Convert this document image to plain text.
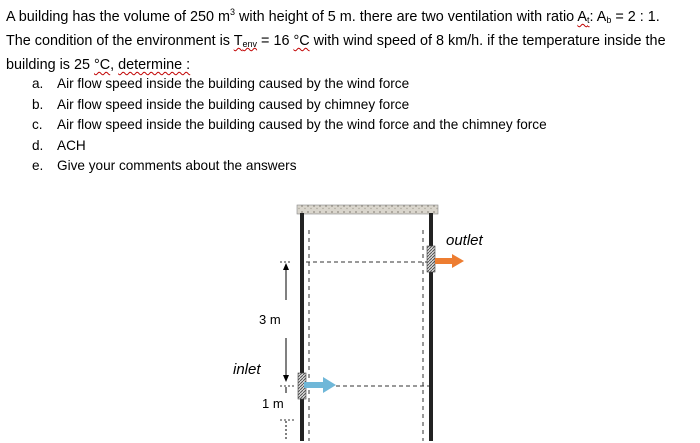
A building has the volume of 250 $m^3$ with height of 5 m. there are two ventilation with ratio $A_t$: $A_b = 2$ : 1.

The condition of the environment is $T_{env} = 16$ °C with wind speed of 8 km/h. if the temperature inside the

building is 25 °C, determine :

a.	Air flow speed inside the building caused by the wind force
b.	Air flow speed inside the building caused by chimney force
c.	Air flow speed inside the building caused by the wind force and the chimney force
d.	ACH
e.	Give your comments about the answers
outlet
inlet
3 m
1 m
